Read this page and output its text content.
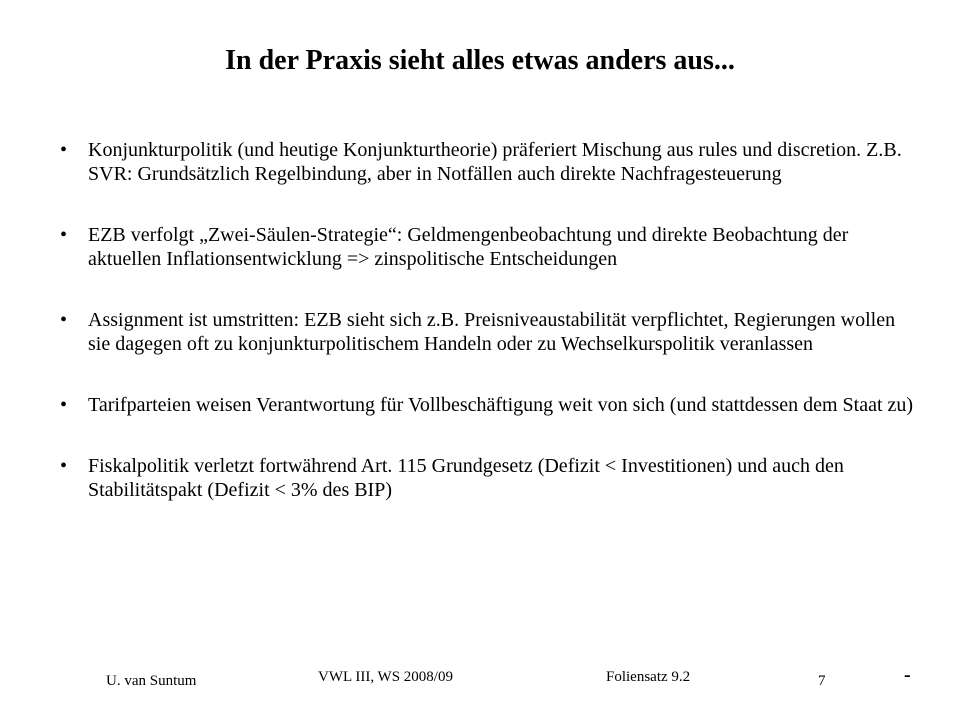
In der Praxis sieht alles etwas anders aus...
•	Konjunkturpolitik (und heutige Konjunkturtheorie) präferiert Mischung aus rules und discretion. Z.B. SVR: Grundsätzlich Regelbindung, aber in Notfällen auch direkte Nachfragesteuerung
•	EZB verfolgt „Zwei-Säulen-Strategie“: Geldmengenbeobachtung und direkte Beobachtung der aktuellen Inflationsentwicklung => zinspolitische Entscheidungen
•	Assignment ist umstritten: EZB sieht sich z.B. Preisniveaustabilität verpflichtet, Regierungen wollen sie dagegen oft zu konjunkturpolitischem Handeln oder zu Wechselkurspolitik veranlassen
•	Tarifparteien weisen Verantwortung für Vollbeschäftigung weit von sich (und stattdessen dem Staat zu)
•	Fiskalpolitik verletzt fortwährend Art. 115 Grundgesetz (Defizit < Investitionen) und auch den Stabilitätspakt (Defizit < 3% des BIP)
U. van Suntum	VWL III, WS 2008/09	Foliensatz 9.2	7	-
